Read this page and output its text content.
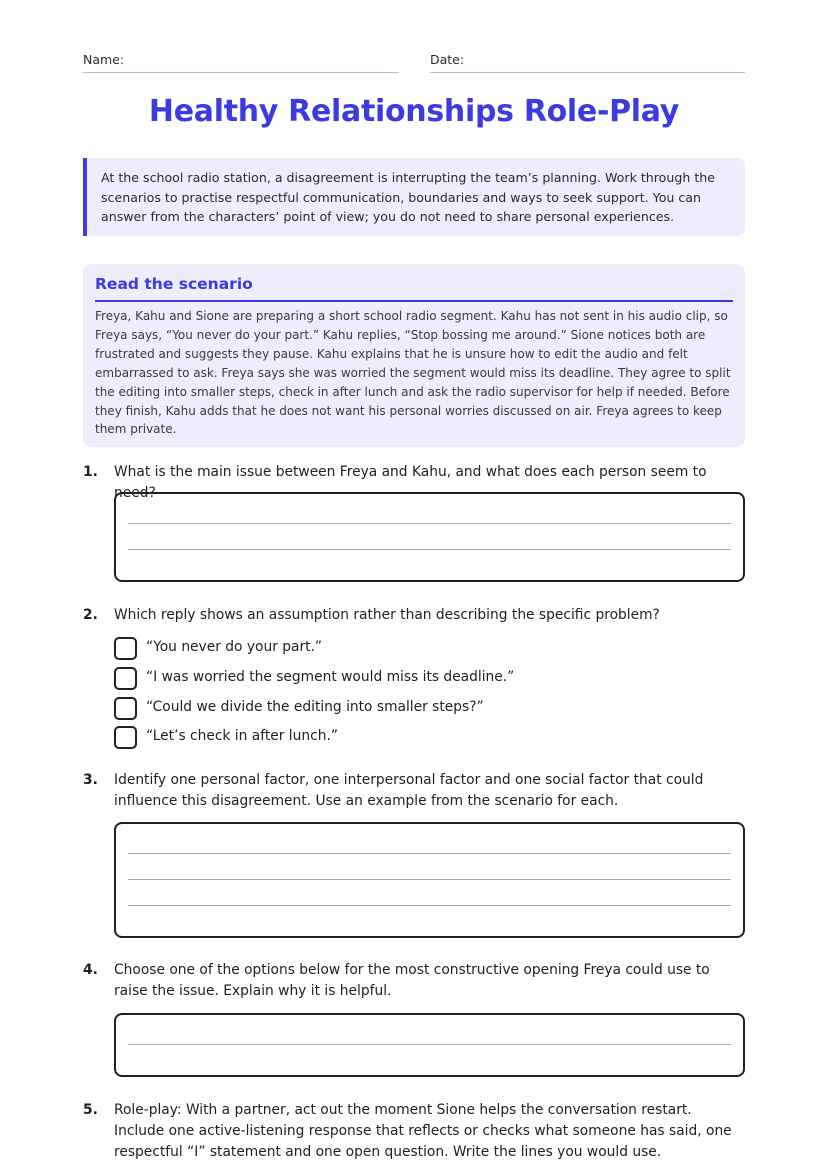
Name:	Date:
Healthy Relationships Role-Play
At the school radio station, a disagreement is interrupting the team’s planning. Work through the scenarios to practise respectful communication, boundaries and ways to seek support. You can answer from the characters’ point of view; you do not need to share personal experiences.
Read the scenario
Freya, Kahu and Sione are preparing a short school radio segment. Kahu has not sent in his audio clip, so Freya says, “You never do your part.” Kahu replies, “Stop bossing me around.” Sione notices both are frustrated and suggests they pause. Kahu explains that he is unsure how to edit the audio and felt embarrassed to ask. Freya says she was worried the segment would miss its deadline. They agree to split the editing into smaller steps, check in after lunch and ask the radio supervisor for help if needed. Before they finish, Kahu adds that he does not want his personal worries discussed on air. Freya agrees to keep them private.
1. What is the main issue between Freya and Kahu, and what does each person seem to need?
2. Which reply shows an assumption rather than describing the specific problem?
“You never do your part.”
“I was worried the segment would miss its deadline.”
“Could we divide the editing into smaller steps?”
“Let’s check in after lunch.”
3. Identify one personal factor, one interpersonal factor and one social factor that could influence this disagreement. Use an example from the scenario for each.
4. Choose one of the options below for the most constructive opening Freya could use to raise the issue. Explain why it is helpful.
5. Role-play: With a partner, act out the moment Sione helps the conversation restart. Include one active-listening response that reflects or checks what someone has said, one respectful “I” statement and one open question. Write the lines you would use.
